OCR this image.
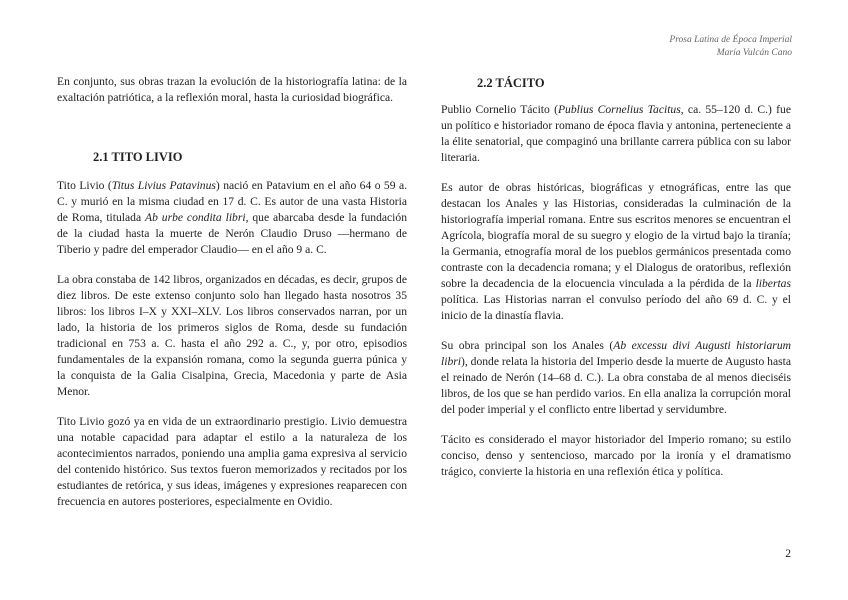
Prosa Latina de Época Imperial
María Vulcán Cano

En conjunto, sus obras trazan la evolución de la historiografía latina: de la exaltación patriótica, a la reflexión moral, hasta la curiosidad biográfica.

2.1 TITO LIVIO

Tito Livio (Titus Livius Patavinus) nació en Patavium en el año 64 o 59 a. C. y murió en la misma ciudad en 17 d. C. Es autor de una vasta Historia de Roma, titulada Ab urbe condita libri, que abarcaba desde la fundación de la ciudad hasta la muerte de Nerón Claudio Druso —hermano de Tiberio y padre del emperador Claudio— en el año 9 a. C.

La obra constaba de 142 libros, organizados en décadas, es decir, grupos de diez libros. De este extenso conjunto solo han llegado hasta nosotros 35 libros: los libros I–X y XXI–XLV. Los libros conservados narran, por un lado, la historia de los primeros siglos de Roma, desde su fundación tradicional en 753 a. C. hasta el año 292 a. C., y, por otro, episodios fundamentales de la expansión romana, como la segunda guerra púnica y la conquista de la Galia Cisalpina, Grecia, Macedonia y parte de Asia Menor.

Tito Livio gozó ya en vida de un extraordinario prestigio. Livio demuestra una notable capacidad para adaptar el estilo a la naturaleza de los acontecimientos narrados, poniendo una amplia gama expresiva al servicio del contenido histórico. Sus textos fueron memorizados y recitados por los estudiantes de retórica, y sus ideas, imágenes y expresiones reaparecen con frecuencia en autores posteriores, especialmente en Ovidio.

2.2 TÁCITO

Publio Cornelio Tácito (Publius Cornelius Tacitus, ca. 55–120 d. C.) fue un político e historiador romano de época flavia y antonina, perteneciente a la élite senatorial, que compaginó una brillante carrera pública con su labor literaria.

Es autor de obras históricas, biográficas y etnográficas, entre las que destacan los Anales y las Historias, consideradas la culminación de la historiografía imperial romana. Entre sus escritos menores se encuentran el Agrícola, biografía moral de su suegro y elogio de la virtud bajo la tiranía; la Germania, etnografía moral de los pueblos germánicos presentada como contraste con la decadencia romana; y el Dialogus de oratoribus, reflexión sobre la decadencia de la elocuencia vinculada a la pérdida de la libertas política. Las Historias narran el convulso período del año 69 d. C. y el inicio de la dinastía flavia.

Su obra principal son los Anales (Ab excessu divi Augusti historiarum libri), donde relata la historia del Imperio desde la muerte de Augusto hasta el reinado de Nerón (14–68 d. C.). La obra constaba de al menos dieciséis libros, de los que se han perdido varios. En ella analiza la corrupción moral del poder imperial y el conflicto entre libertad y servidumbre.

Tácito es considerado el mayor historiador del Imperio romano; su estilo conciso, denso y sentencioso, marcado por la ironía y el dramatismo trágico, convierte la historia en una reflexión ética y política.

2
